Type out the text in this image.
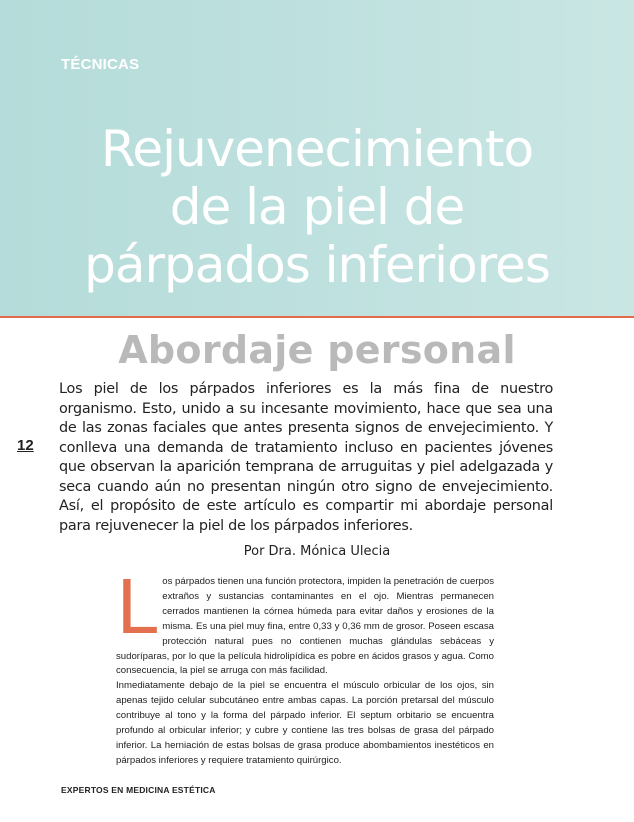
TÉCNICAS
Rejuvenecimiento
de la piel de
párpados inferiores
Abordaje personal
12

Los piel de los párpados inferiores es la más fina de nuestro organismo. Esto, unido a su incesante movimiento, hace que sea una de las zonas faciales que antes presenta signos de envejecimiento. Y conlleva una demanda de tratamiento incluso en pacientes jóvenes que observan la aparición temprana de arruguitas y piel adelgazada y seca cuando aún no presentan ningún otro signo de envejecimiento. Así, el propósito de este artículo es compartir mi abordaje personal para rejuvenecer la piel de los párpados inferiores.

Por Dra. Mónica Ulecia
L os párpados tienen una función protectora, impiden la penetración de cuerpos extraños y sustancias contaminantes en el ojo. Mientras permanecen cerrados mantienen la córnea húmeda para evitar daños y erosiones de la misma. Es una piel muy fina, entre 0,33 y 0,36 mm de grosor. Poseen escasa protección natural pues no contienen muchas glándulas sebáceas y sudoríparas, por lo que la película hidrolipídica es pobre en ácidos grasos y agua. Como consecuencia, la piel se arruga con más facilidad.

Inmediatamente debajo de la piel se encuentra el músculo orbicular de los ojos, sin apenas tejido celular subcutáneo entre ambas capas. La porción pretarsal del músculo contribuye al tono y la forma del párpado inferior. El septum orbitario se encuentra profundo al orbicular inferior; y cubre y contiene las tres bolsas de grasa del párpado inferior. La herniación de estas bolsas de grasa produce abombamientos inestéticos en párpados inferiores y requiere tratamiento quirúrgico.

EXPERTOS EN MEDICINA ESTÉTICA
